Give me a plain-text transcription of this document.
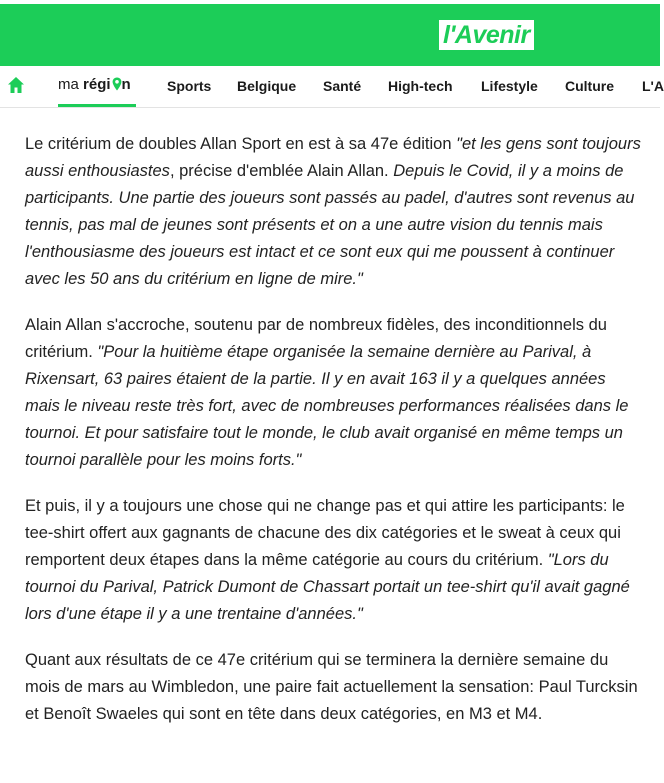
l'Avenir
ma régi n	Sports Belgique Santé High-tech Lifestyle Culture L'A

Le critérium de doubles Allan Sport en est à sa 47e édition "et les gens sont toujours aussi enthousiastes, précise d'emblée Alain Allan. Depuis le Covid, il y a moins de participants. Une partie des joueurs sont passés au padel, d'autres sont revenus au tennis, pas mal de jeunes sont présents et on a une autre vision du tennis mais l'enthousiasme des joueurs est intact et ce sont eux qui me poussent à continuer avec les 50 ans du critérium en ligne de mire."

Alain Allan s'accroche, soutenu par de nombreux fidèles, des inconditionnels du critérium. "Pour la huitième étape organisée la semaine dernière au Parival, à Rixensart, 63 paires étaient de la partie. Il y en avait 163 il y a quelques années mais le niveau reste très fort, avec de nombreuses performances réalisées dans le tournoi. Et pour satisfaire tout le monde, le club avait organisé en même temps un tournoi parallèle pour les moins forts."

Et puis, il y a toujours une chose qui ne change pas et qui attire les participants: le tee-shirt offert aux gagnants de chacune des dix catégories et le sweat à ceux qui remportent deux étapes dans la même catégorie au cours du critérium. "Lors du tournoi du Parival, Patrick Dumont de Chassart portait un tee-shirt qu'il avait gagné lors d'une étape il y a une trentaine d'années."

Quant aux résultats de ce 47e critérium qui se terminera la dernière semaine du mois de mars au Wimbledon, une paire fait actuellement la sensation: Paul Turcksin et Benoît Swaeles qui sont en tête dans deux catégories, en M3 et M4.
